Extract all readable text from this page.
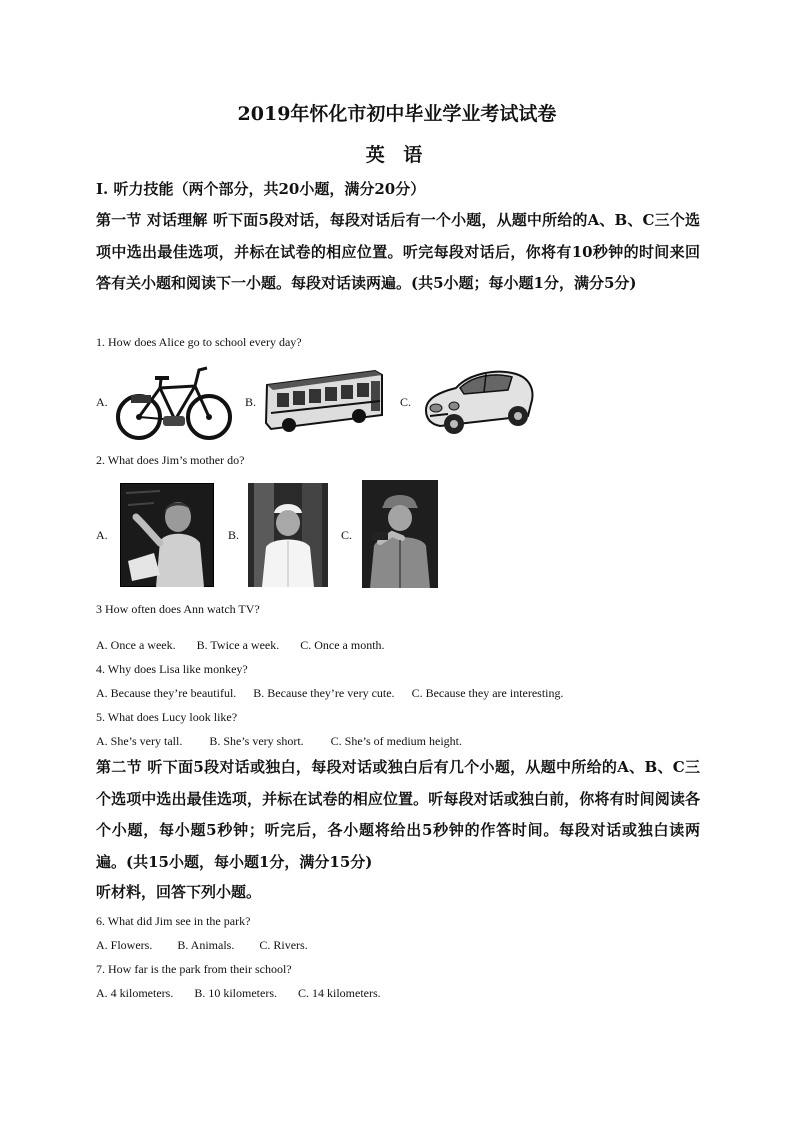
2019年怀化市初中毕业学业考试试卷
英 语
I. 听力技能（两个部分，共20小题，满分20分）
第一节 对话理解 听下面5段对话，每段对话后有一个小题，从题中所给的A、B、C三个选项中选出最佳选项，并标在试卷的相应位置。听完每段对话后，你将有10秒钟的时间来回答有关小题和阅读下一小题。每段对话读两遍。(共5小题；每小题1分，满分5分)
1. How does Alice go to school every day?
A.	B.	C.
2. What does Jim’s mother do?
A.	B.	C.
3 How often does Ann watch TV?
A. Once a week. B. Twice a week. C. Once a month.
4. Why does Lisa like monkey?
A. Because they’re beautiful. B. Because they’re very cute. C. Because they are interesting.
5. What does Lucy look like?
A. She’s very tall. B. She’s very short. C. She’s of medium height.
第二节 听下面5段对话或独白，每段对话或独白后有几个小题，从题中所给的A、B、C三个选项中选出最佳选项，并标在试卷的相应位置。听每段对话或独白前，你将有时间阅读各个小题，每小题5秒钟；听完后，各小题将给出5秒钟的作答时间。每段对话或独白读两遍。(共15小题，每小题1分，满分15分)
听材料，回答下列小题。
6. What did Jim see in the park?
A. Flowers. B. Animals. C. Rivers.
7. How far is the park from their school?
A. 4 kilometers. B. 10 kilometers. C. 14 kilometers.
